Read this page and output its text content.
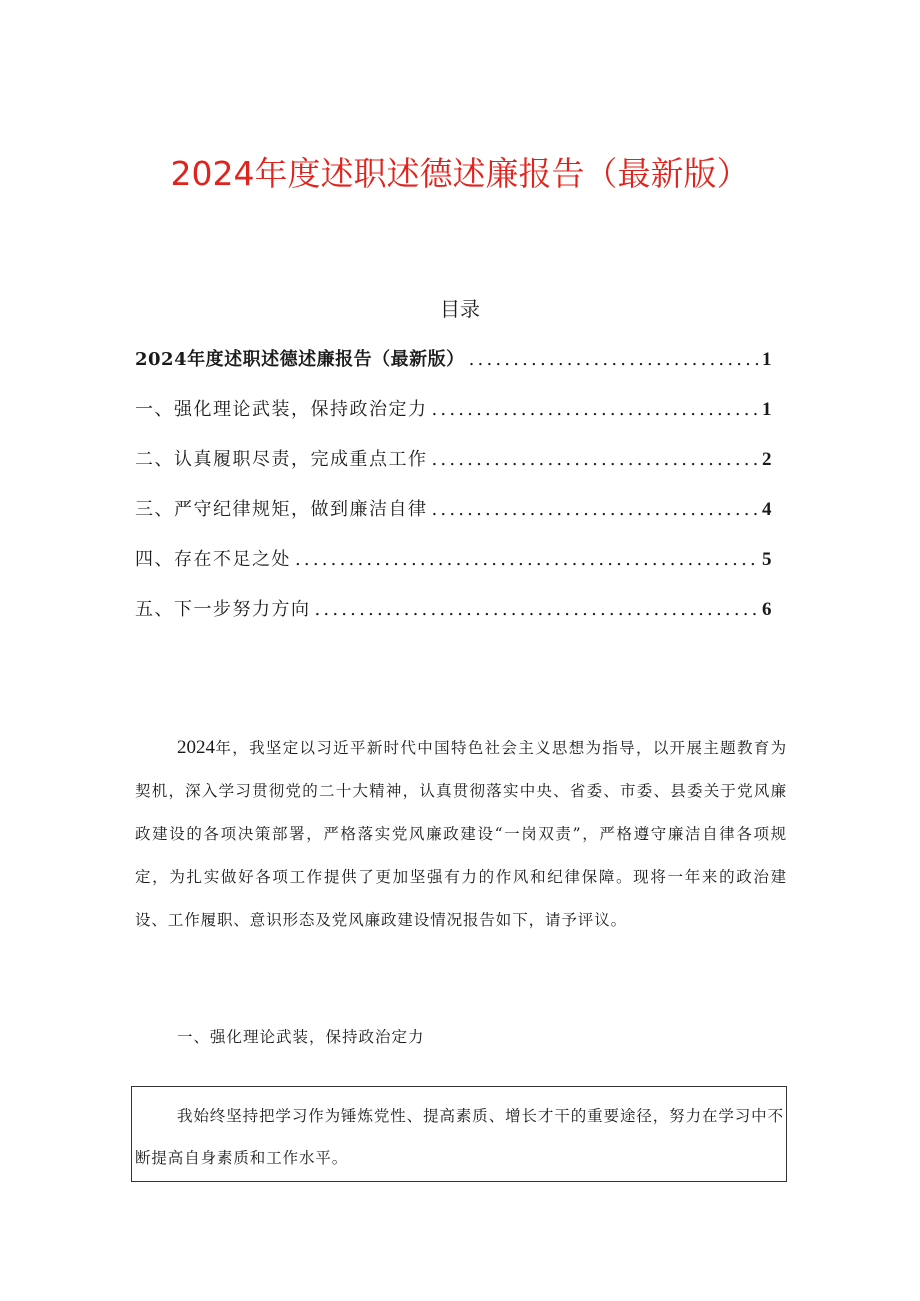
2024年度述职述德述廉报告（最新版）
目录
2024年度述职述德述廉报告（最新版） .....	1
一、强化理论武装，保持政治定力 .....	1
二、认真履职尽责，完成重点工作 .....	2
三、严守纪律规矩，做到廉洁自律 .....	4
四、存在不足之处 .....	5
五、下一步努力方向 .....	6

2024年，我坚定以习近平新时代中国特色社会主义思想为指导，以开展主题教育为契机，深入学习贯彻党的二十大精神，认真贯彻落实中央、省委、市委、县委关于党风廉政建设的各项决策部署，严格落实党风廉政建设“一岗双责”，严格遵守廉洁自律各项规定，为扎实做好各项工作提供了更加坚强有力的作风和纪律保障。现将一年来的政治建设、工作履职、意识形态及党风廉政建设情况报告如下，请予评议。

一、强化理论武装，保持政治定力

我始终坚持把学习作为锤炼党性、提高素质、增长才干的重要途径，努力在学习中不断提高自身素质和工作水平。
